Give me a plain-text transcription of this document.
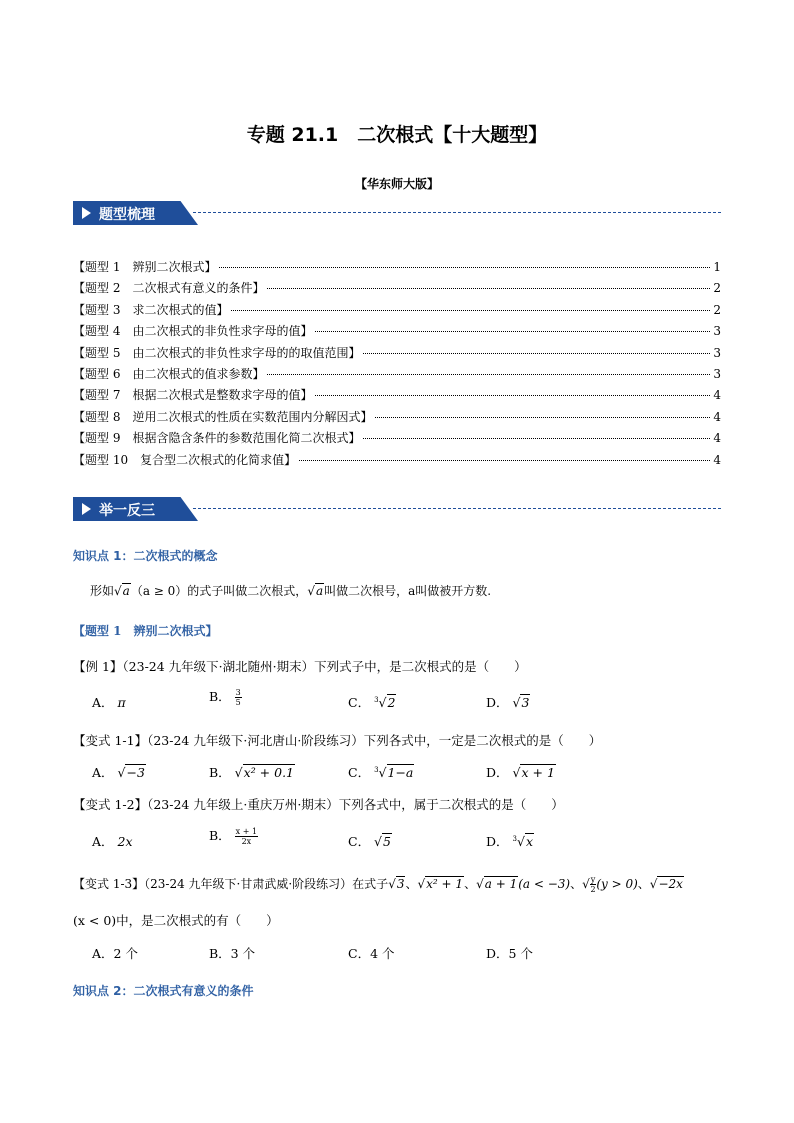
专题 21.1　二次根式【十大题型】
【华东师大版】
题型梳理
【题型 1　辨别二次根式】	1
【题型 2　二次根式有意义的条件】	2
【题型 3　求二次根式的值】	2
【题型 4　由二次根式的非负性求字母的值】	3
【题型 5　由二次根式的非负性求字母的的取值范围】	3
【题型 6　由二次根式的值求参数】	3
【题型 7　根据二次根式是整数求字母的值】	4
【题型 8　逆用二次根式的性质在实数范围内分解因式】	4
【题型 9　根据含隐含条件的参数范围化简二次根式】	4
【题型 10　复合型二次根式的化简求值】	4
举一反三
知识点 1：二次根式的概念
形如√a（a ≥ 0）的式子叫做二次根式，√a叫做二次根号，a叫做被开方数.
【题型 1　辨别二次根式】
【例 1】（23-24 九年级下·湖北随州·期末）下列式子中，是二次根式的是（　　）
A． π	B． $\frac{3}{5}$	C． $^3$√2	D． √3
【变式 1-1】（23-24 九年级下·河北唐山·阶段练习）下列各式中，一定是二次根式的是（　　）
A． √−3	B． √x² + 0.1	C． $^3$√1−a	D． √x + 1
【变式 1-2】（23-24 九年级上·重庆万州·期末）下列各式中，属于二次根式的是（　　）
A． 2x	B． $\frac{x + 1}{2x}$	C． √5	D． $^3$√x
【变式 1-3】（23-24 九年级下·甘肃武威·阶段练习）在式子√3、√x² + 1、√a + 1(a < −3)、√ $\frac{y}{2} (y > 0)$、√−2x
(x < 0)中，是二次根式的有（　　）
A．2 个	B．3 个	C．4 个	D．5 个
知识点 2：二次根式有意义的条件
